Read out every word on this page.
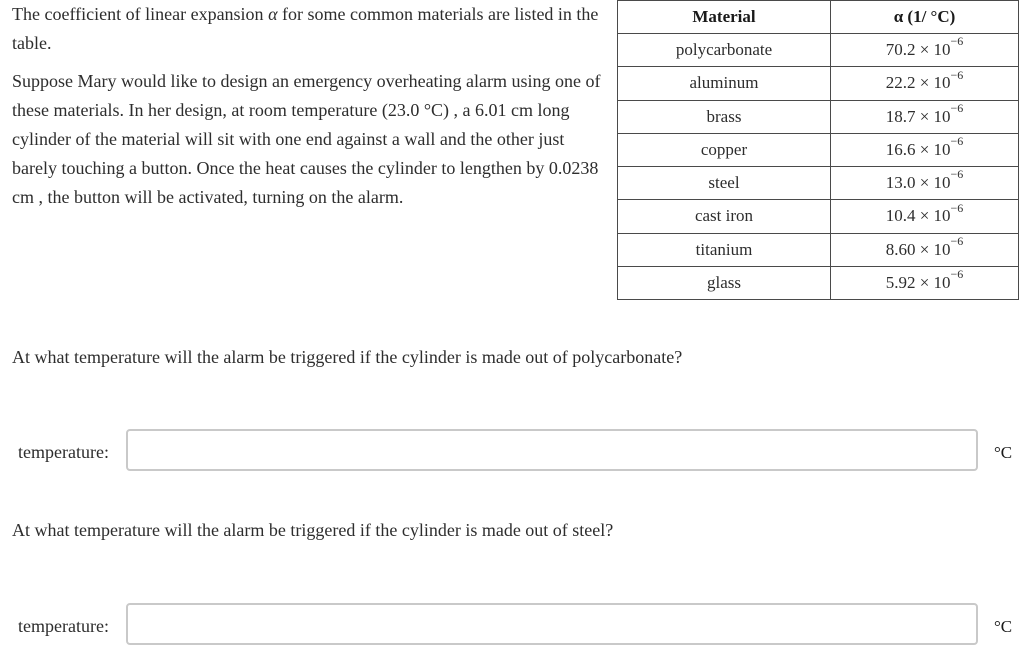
The coefficient of linear expansion α for some common materials are listed in the table.

Suppose Mary would like to design an emergency overheating alarm using one of these materials. In her design, at room temperature (23.0 °C) , a 6.01 cm long cylinder of the material will sit with one end against a wall and the other just barely touching a button. Once the heat causes the cylinder to lengthen by 0.0238 cm , the button will be activated, turning on the alarm.

Material	α (1/ °C)
polycarbonate	$70.2 \times 10^{-6}$
aluminum	$22.2 \times 10^{-6}$
brass	$18.7 \times 10^{-6}$
copper	$16.6 \times 10^{-6}$
steel	$13.0 \times 10^{-6}$
cast iron	$10.4 \times 10^{-6}$
titanium	$8.60 \times 10^{-6}$
glass	$5.92 \times 10^{-6}$
At what temperature will the alarm be triggered if the cylinder is made out of polycarbonate?
temperature:	°C
At what temperature will the alarm be triggered if the cylinder is made out of steel?
temperature:	°C
